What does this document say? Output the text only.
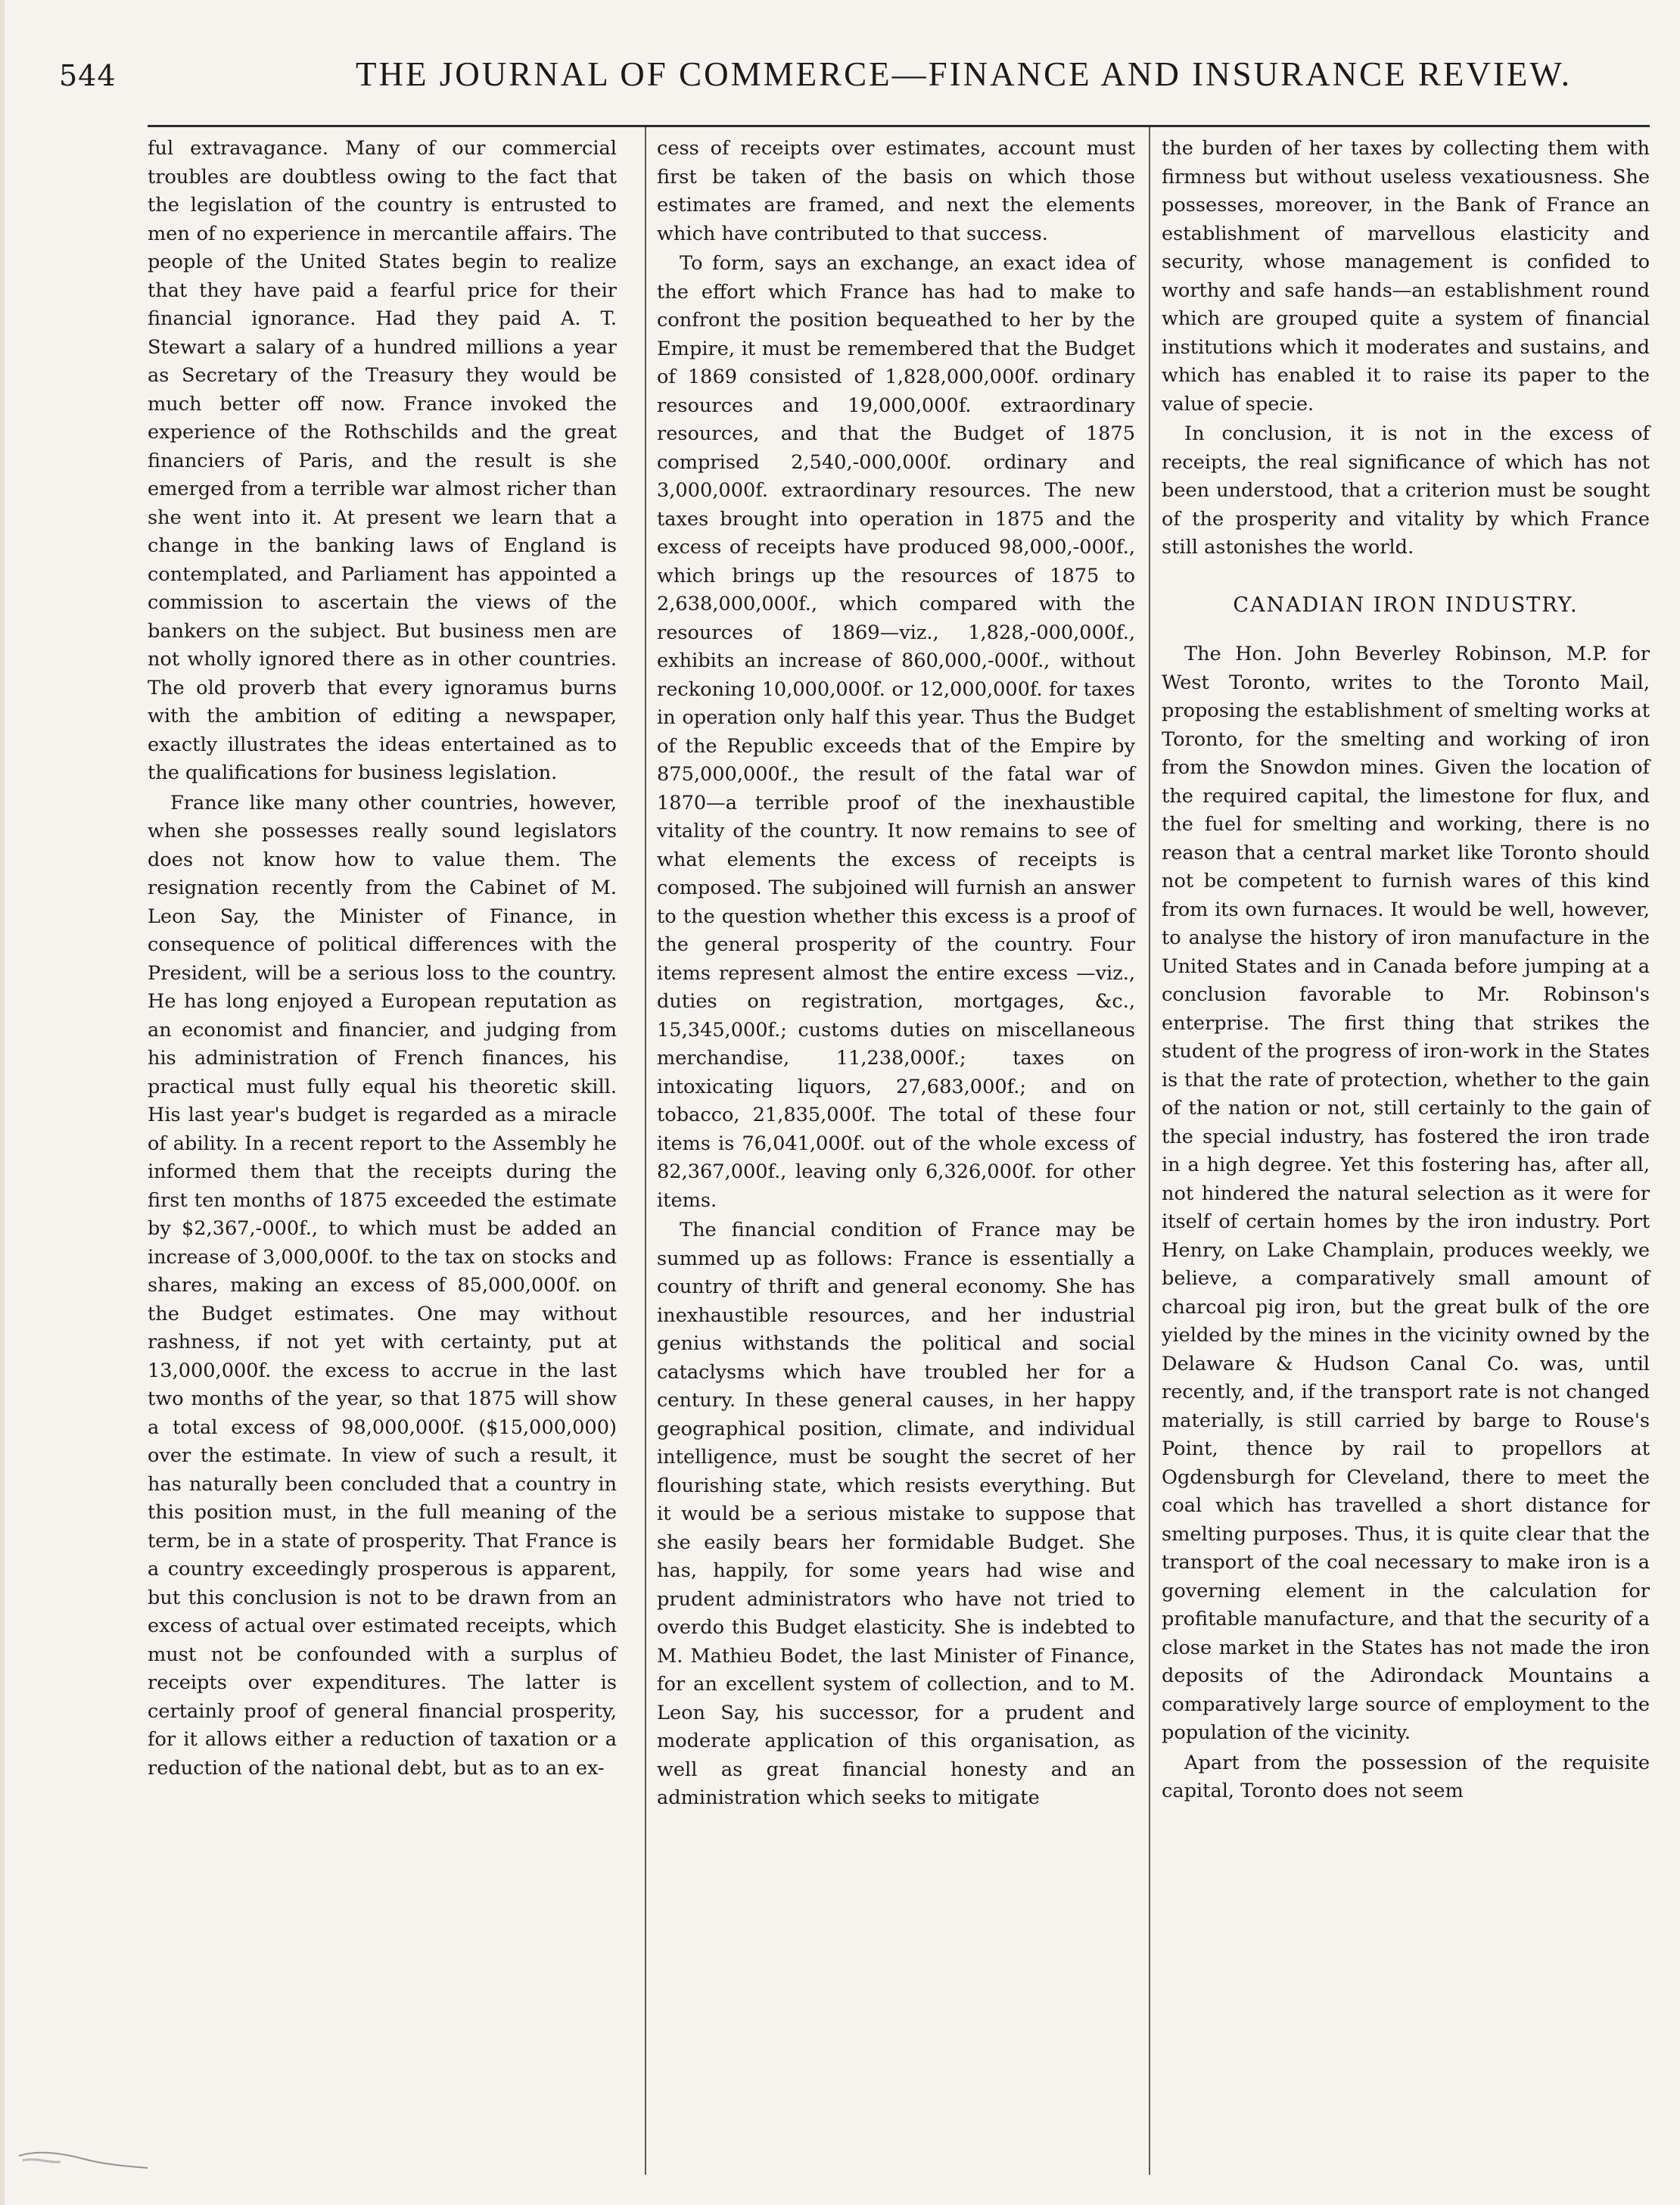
544	THE JOURNAL OF COMMERCE—FINANCE AND INSURANCE REVIEW.

ful extravagance. Many of our commercial troubles are doubtless owing to the fact that the legislation of the country is entrusted to men of no experience in mercantile affairs. The people of the United States begin to realize that they have paid a fearful price for their financial ignorance. Had they paid A. T. Stewart a salary of a hundred millions a year as Secretary of the Treasury they would be much better off now. France invoked the experience of the Rothschilds and the great financiers of Paris, and the result is she emerged from a terrible war almost richer than she went into it. At present we learn that a change in the banking laws of England is contemplated, and Parliament has appointed a commission to ascertain the views of the bankers on the subject. But business men are not wholly ignored there as in other countries. The old proverb that every ignoramus burns with the ambition of editing a newspaper, exactly illustrates the ideas entertained as to the qualifications for business legislation.

France like many other countries, however, when she possesses really sound legislators does not know how to value them. The resignation recently from the Cabinet of M. Leon Say, the Minister of Finance, in consequence of political differences with the President, will be a serious loss to the country. He has long enjoyed a European reputation as an economist and financier, and judging from his administration of French finances, his practical must fully equal his theoretic skill. His last year's budget is regarded as a miracle of ability. In a recent report to the Assembly he informed them that the receipts during the first ten months of 1875 exceeded the estimate by $2,367,-000f., to which must be added an increase of 3,000,000f. to the tax on stocks and shares, making an excess of 85,000,000f. on the Budget estimates. One may without rashness, if not yet with certainty, put at 13,000,000f. the excess to accrue in the last two months of the year, so that 1875 will show a total excess of 98,000,000f. ($15,000,000) over the estimate. In view of such a result, it has naturally been concluded that a country in this position must, in the full meaning of the term, be in a state of prosperity. That France is a country exceedingly prosperous is apparent, but this conclusion is not to be drawn from an excess of actual over estimated receipts, which must not be confounded with a surplus of receipts over expenditures. The latter is certainly proof of general financial prosperity, for it allows either a reduction of taxation or a reduction of the national debt, but as to an ex-

cess of receipts over estimates, account must first be taken of the basis on which those estimates are framed, and next the elements which have contributed to that success.

To form, says an exchange, an exact idea of the effort which France has had to make to confront the position bequeathed to her by the Empire, it must be remembered that the Budget of 1869 consisted of 1,828,000,000f. ordinary resources and 19,000,000f. extraordinary resources, and that the Budget of 1875 comprised 2,540,-000,000f. ordinary and 3,000,000f. extraordinary resources. The new taxes brought into operation in 1875 and the excess of receipts have produced 98,000,-000f., which brings up the resources of 1875 to 2,638,000,000f., which compared with the resources of 1869—viz., 1,828,-000,000f., exhibits an increase of 860,000,-000f., without reckoning 10,000,000f. or 12,000,000f. for taxes in operation only half this year. Thus the Budget of the Republic exceeds that of the Empire by 875,000,000f., the result of the fatal war of 1870—a terrible proof of the inexhaustible vitality of the country. It now remains to see of what elements the excess of receipts is composed. The subjoined will furnish an answer to the question whether this excess is a proof of the general prosperity of the country. Four items represent almost the entire excess —viz., duties on registration, mortgages, &c., 15,345,000f.; customs duties on miscellaneous merchandise, 11,238,000f.; taxes on intoxicating liquors, 27,683,000f.; and on tobacco, 21,835,000f. The total of these four items is 76,041,000f. out of the whole excess of 82,367,000f., leaving only 6,326,000f. for other items.

The financial condition of France may be summed up as follows: France is essentially a country of thrift and general economy. She has inexhaustible resources, and her industrial genius withstands the political and social cataclysms which have troubled her for a century. In these general causes, in her happy geographical position, climate, and individual intelligence, must be sought the secret of her flourishing state, which resists everything. But it would be a serious mistake to suppose that she easily bears her formidable Budget. She has, happily, for some years had wise and prudent administrators who have not tried to overdo this Budget elasticity. She is indebted to M. Mathieu Bodet, the last Minister of Finance, for an excellent system of collection, and to M. Leon Say, his successor, for a prudent and moderate application of this organisation, as well as great financial honesty and an administration which seeks to mitigate

the burden of her taxes by collecting them with firmness but without useless vexatiousness. She possesses, moreover, in the Bank of France an establishment of marvellous elasticity and security, whose management is confided to worthy and safe hands—an establishment round which are grouped quite a system of financial institutions which it moderates and sustains, and which has enabled it to raise its paper to the value of specie.

In conclusion, it is not in the excess of receipts, the real significance of which has not been understood, that a criterion must be sought of the prosperity and vitality by which France still astonishes the world.

CANADIAN IRON INDUSTRY.

The Hon. John Beverley Robinson, M.P. for West Toronto, writes to the Toronto Mail, proposing the establishment of smelting works at Toronto, for the smelting and working of iron from the Snowdon mines. Given the location of the required capital, the limestone for flux, and the fuel for smelting and working, there is no reason that a central market like Toronto should not be competent to furnish wares of this kind from its own furnaces. It would be well, however, to analyse the history of iron manufacture in the United States and in Canada before jumping at a conclusion favorable to Mr. Robinson's enterprise. The first thing that strikes the student of the progress of iron-work in the States is that the rate of protection, whether to the gain of the nation or not, still certainly to the gain of the special industry, has fostered the iron trade in a high degree. Yet this fostering has, after all, not hindered the natural selection as it were for itself of certain homes by the iron industry. Port Henry, on Lake Champlain, produces weekly, we believe, a comparatively small amount of charcoal pig iron, but the great bulk of the ore yielded by the mines in the vicinity owned by the Delaware & Hudson Canal Co. was, until recently, and, if the transport rate is not changed materially, is still carried by barge to Rouse's Point, thence by rail to propellors at Ogdensburgh for Cleveland, there to meet the coal which has travelled a short distance for smelting purposes. Thus, it is quite clear that the transport of the coal necessary to make iron is a governing element in the calculation for profitable manufacture, and that the security of a close market in the States has not made the iron deposits of the Adirondack Mountains a comparatively large source of employment to the population of the vicinity.

Apart from the possession of the requisite capital, Toronto does not seem
